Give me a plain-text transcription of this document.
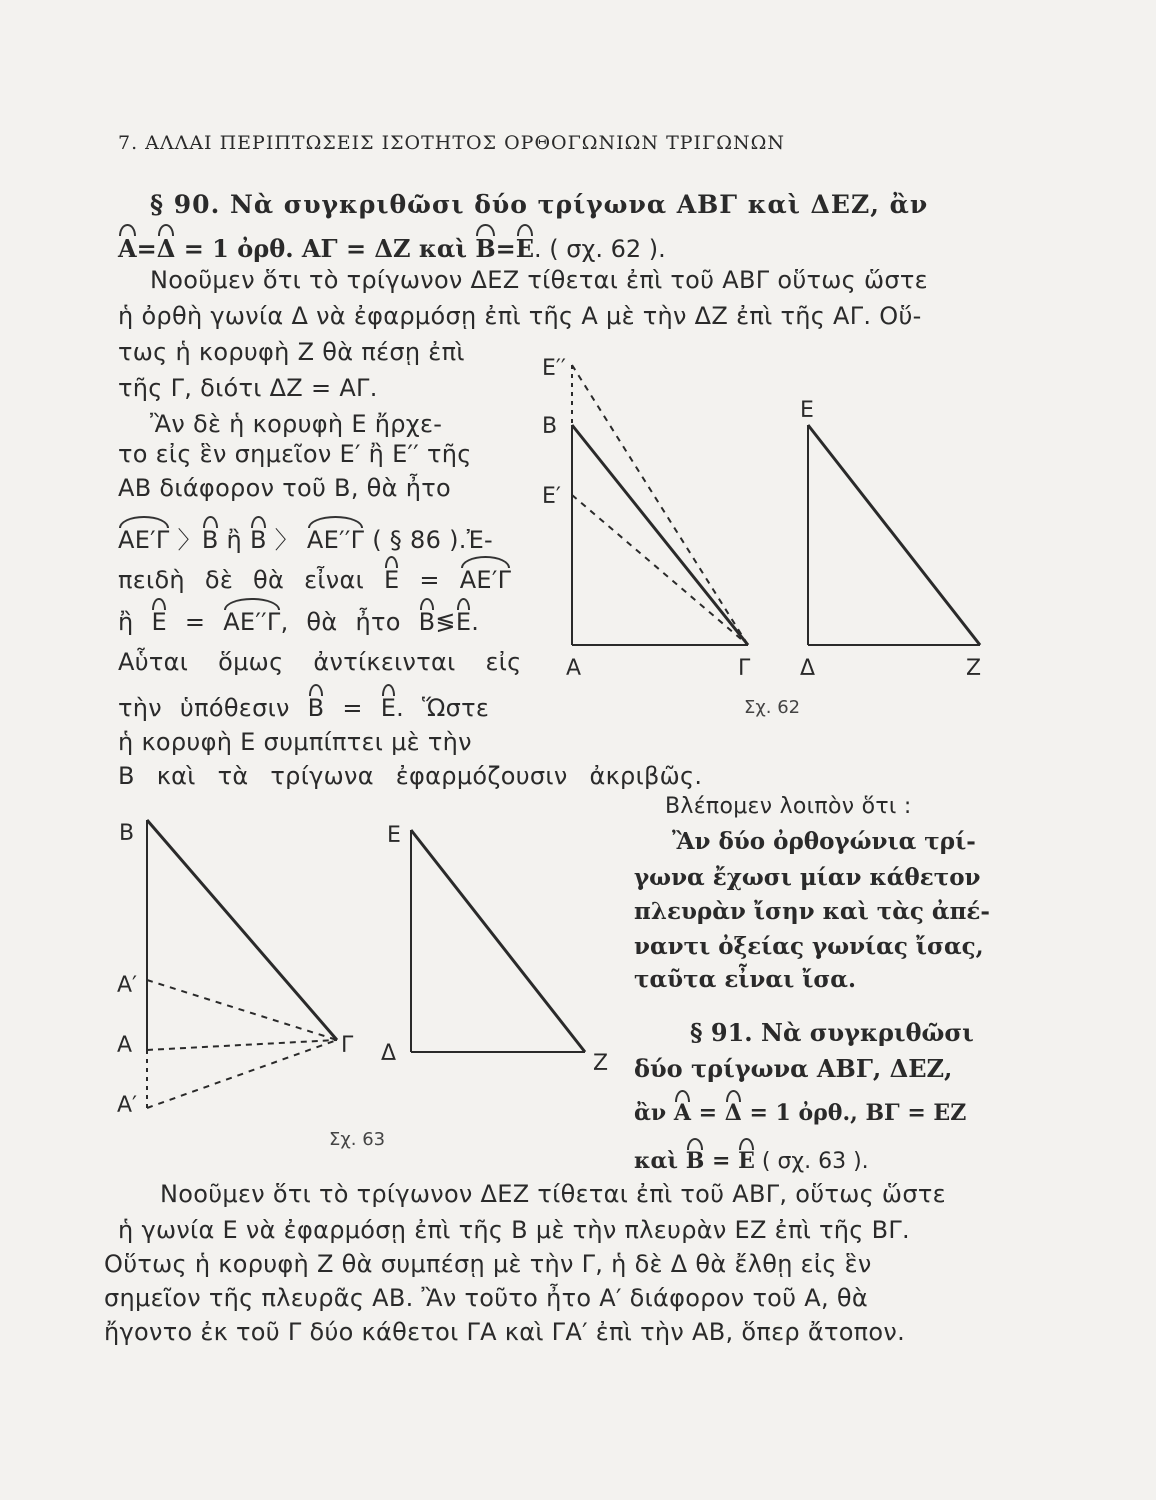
7. ΑΛΛΑΙ ΠΕΡΙΠΤΩΣΕΙΣ ΙΣΟΤΗΤΟΣ ΟΡΘΟΓΩΝΙΩΝ ΤΡΙΓΩΝΩΝ
§ 90. Νὰ συγκριθῶσι δύο τρίγωνα ΑΒΓ καὶ ΔΕΖ, ἂν
Α=Δ = 1 ὀρθ. ΑΓ = ΔΖ καὶ Β=Ε. ( σχ. 62 ).
Νοοῦμεν ὅτι τὸ τρίγωνον ΔΕΖ τίθεται ἐπὶ τοῦ ΑΒΓ οὕτως ὥστε
ἡ ὀρθὴ γωνία Δ νὰ ἐφαρμόσῃ ἐπὶ τῆς Α μὲ τὴν ΔΖ ἐπὶ τῆς ΑΓ. Οὕ-
τως ἡ κορυφὴ Ζ θὰ πέσῃ ἐπὶ
τῆς Γ, διότι ΔΖ = ΑΓ.
Ἂν δὲ ἡ κορυφὴ Ε ἤρχε-
το εἰς ἓν σημεῖον Ε′ ἢ Ε′′ τῆς
ΑΒ διάφορον τοῦ Β, θὰ ἦτο
ΑΕ′Γ 〉Β ἢ Β 〉 ΑΕ′′Γ ( § 86 ).Ἐ-
πειδὴ δὲ θὰ εἶναι Ε = ΑΕ′Γ
ἢ Ε = ΑΕ′′Γ, θὰ ἦτο Β≶Ε.
Αὗται ὅμως ἀντίκεινται εἰς
τὴν ὑπόθεσιν Β = Ε. Ὥστε
ἡ κορυφὴ Ε συμπίπτει μὲ τὴν
Β καὶ τὰ τρίγωνα ἐφαρμόζουσιν ἀκριβῶς.
Ε′′
Β
Ε′
Α	Γ
Ε
Δ	Ζ
Σχ. 62
Βλέπομεν λοιπὸν ὅτι :
Ἂν δύο ὀρθογώνια τρί-
γωνα ἔχωσι μίαν κάθετον
πλευρὰν ἴσην καὶ τὰς ἀπέ-
ναντι ὀξείας γωνίας ἴσας,
ταῦτα εἶναι ἴσα.
Β
Α′
Α
Α′
Γ
Ε
Δ	Ζ
Σχ. 63
§ 91. Νὰ συγκριθῶσι
δύο τρίγωνα ΑΒΓ, ΔΕΖ,
ἂν Α = Δ = 1 ὀρθ., ΒΓ = ΕΖ
καὶ Β = Ε ( σχ. 63 ).
Νοοῦμεν ὅτι τὸ τρίγωνον ΔΕΖ τίθεται ἐπὶ τοῦ ΑΒΓ, οὕτως ὥστε
ἡ γωνία Ε νὰ ἐφαρμόσῃ ἐπὶ τῆς Β μὲ τὴν πλευρὰν ΕΖ ἐπὶ τῆς ΒΓ.
Οὕτως ἡ κορυφὴ Ζ θὰ συμπέσῃ μὲ τὴν Γ, ἡ δὲ Δ θὰ ἔλθῃ εἰς ἓν
σημεῖον τῆς πλευρᾶς ΑΒ. Ἂν τοῦτο ἦτο Α′ διάφορον τοῦ Α, θὰ
ἤγοντο ἐκ τοῦ Γ δύο κάθετοι ΓΑ καὶ ΓΑ′ ἐπὶ τὴν ΑΒ, ὅπερ ἄτοπον.
